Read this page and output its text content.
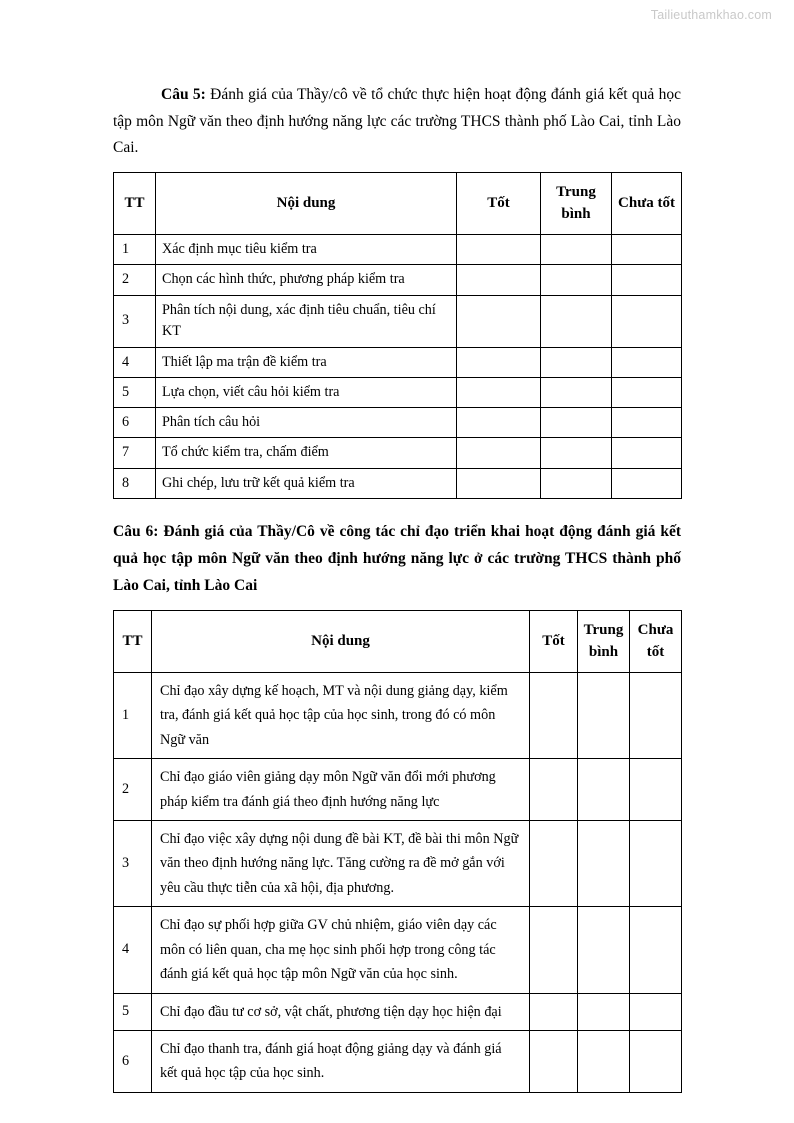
Tailieuthamkhao.com

Câu 5: Đánh giá của Thầy/cô về tổ chức thực hiện hoạt động đánh giá kết quả học tập môn Ngữ văn theo định hướng năng lực các trường THCS thành phố Lào Cai, tỉnh Lào Cai.

TT	Nội dung	Tốt	Trung bình	Chưa tốt
1	Xác định mục tiêu kiểm tra			
2	Chọn các hình thức, phương pháp kiểm tra			
3	Phân tích nội dung, xác định tiêu chuẩn, tiêu chí KT			
4	Thiết lập ma trận đề kiểm tra			
5	Lựa chọn, viết câu hỏi kiểm tra			
6	Phân tích câu hỏi			
7	Tổ chức kiểm tra, chấm điểm			
8	Ghi chép, lưu trữ kết quả kiểm tra			

Câu 6: Đánh giá của Thầy/Cô về công tác chỉ đạo triển khai hoạt động đánh giá kết quả học tập môn Ngữ văn theo định hướng năng lực ở các trường THCS thành phố Lào Cai, tỉnh Lào Cai

TT	Nội dung	Tốt	Trung bình	Chưa tốt
1	Chỉ đạo xây dựng kế hoạch, MT và nội dung giảng dạy, kiểm tra, đánh giá kết quả học tập của học sinh, trong đó có môn Ngữ văn			
2	Chỉ đạo giáo viên giảng dạy môn Ngữ văn đổi mới phương pháp kiểm tra đánh giá theo định hướng năng lực			
3	Chỉ đạo việc xây dựng nội dung đề bài KT, đề bài thi môn Ngữ văn theo định hướng năng lực. Tăng cường ra đề mở gắn với yêu cầu thực tiễn của xã hội, địa phương.			
4	Chỉ đạo sự phối hợp giữa GV chủ nhiệm, giáo viên dạy các môn có liên quan, cha mẹ học sinh phối hợp trong công tác đánh giá kết quả học tập môn Ngữ văn của học sinh.			
5	Chỉ đạo đầu tư cơ sở, vật chất, phương tiện dạy học hiện đại			
6	Chỉ đạo thanh tra, đánh giá hoạt động giảng dạy và đánh giá kết quả học tập của học sinh.			
